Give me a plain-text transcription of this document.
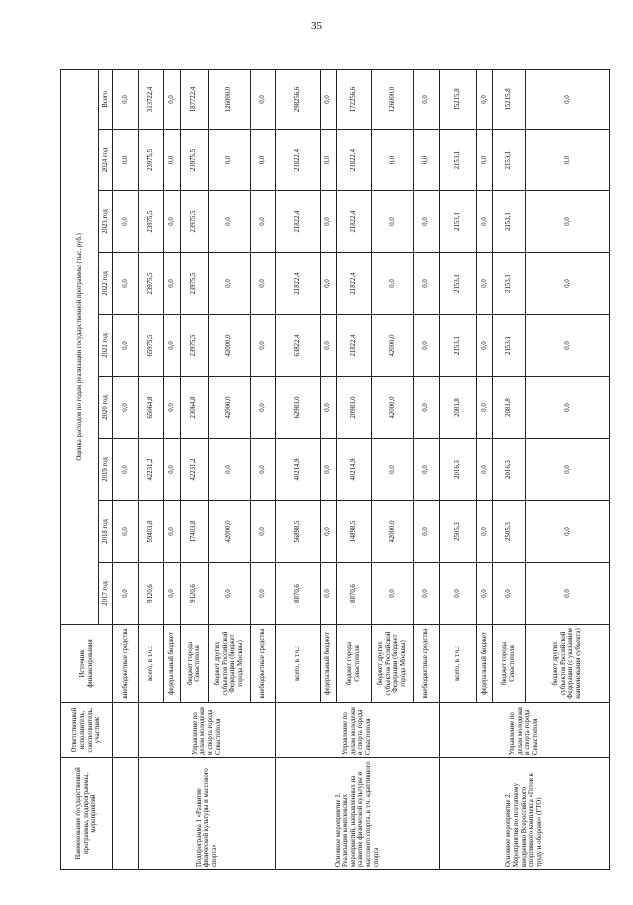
35
Наименование государственной программы, подпрограммы, мероприятий	Ответственный исполнитель, соисполнитель, участник	Источник финансирования	Оценка расходов по годам реализации государственной программы (тыс. руб.)								
			2017 год	2018 год	2019 год	2020 год	2021 год	2022 год	2023 год	2024 год	Всего
		внебюджетные средства	0,0	0,0	0,0	0,0	0,0	0,0	0,0	0,0	0,0
Подпрограмма 1 «Развитие физической культуры и массового спорта»	Управление по делам молодежи и спорта города Севастополя	всего, в т.ч.:	9120,6	59403,8	42231,2	65064,8	65975,5	23975,5	23975,5	23975,5	313722,4
		федеральный бюджет	0,0	0,0	0,0	0,0	0,0	0,0	0,0	0,0	0,0
		бюджет города Севастополя	9120,6	17403,8	42231,2	23064,8	23975,5	23975,5	23975,5	23975,5	187722,4
		бюджет других субъектов Российской Федерации (бюджет города Москвы)	0,0	42000,0	0,0	42000,0	42000,0	0,0	0,0	0,0	126000,0
		внебюджетные средства	0,0	0,0	0,0	0,0	0,0	0,0	0,0	0,0	0,0
Основное мероприятие 1. Реализация комплексных мероприятий, направленных на развитие физической культуры и массового спорта, в т.ч. адаптивного спорта	Управление по делам молодежи и спорта города Севастополя	всего, в т.ч.:	8870,6	56898,5	40214,9	62983,0	63822,4	21822,4	21822,4	21822,4	298256,6
		федеральный бюджет	0,0	0,0	0,0	0,0	0,0	0,0	0,0	0,0	0,0
		бюджет города Севастополя	8870,6	14898,5	40214,9	20983,0	21822,4	21822,4	21822,4	21822,4	172256,6
		бюджет других субъектов Российской Федерации (бюджет города Москвы)	0,0	42000,0	0,0	42000,0	42000,0	0,0	0,0	0,0	126000,0
		внебюджетные средства	0,0	0,0	0,0	0,0	0,0	0,0	0,0	0,0	0,0
Основное мероприятие 2. Мероприятия по поэтапному внедрению Всероссийского спортивного комплекса «Готов к труду и обороне» (ГТО)	Управление по делам молодежи и спорта города Севастополя	всего, в т.ч.:	0,0	2505,3	2016,3	2081,8	2153,1	2153,1	2153,1	2153,1	15215,8
		федеральный бюджет	0,0	0,0	0,0	0,0	0,0	0,0	0,0	0,0	0,0
		бюджет города Севастополя	0,0	2505,3	2016,3	2081,8	2153,1	2153,1	2153,1	2153,1	15215,8
		бюджет других субъектов Российской Федерации (с указанием наименования субъекта)	0,0	0,0	0,0	0,0	0,0	0,0	0,0	0,0	0,0
